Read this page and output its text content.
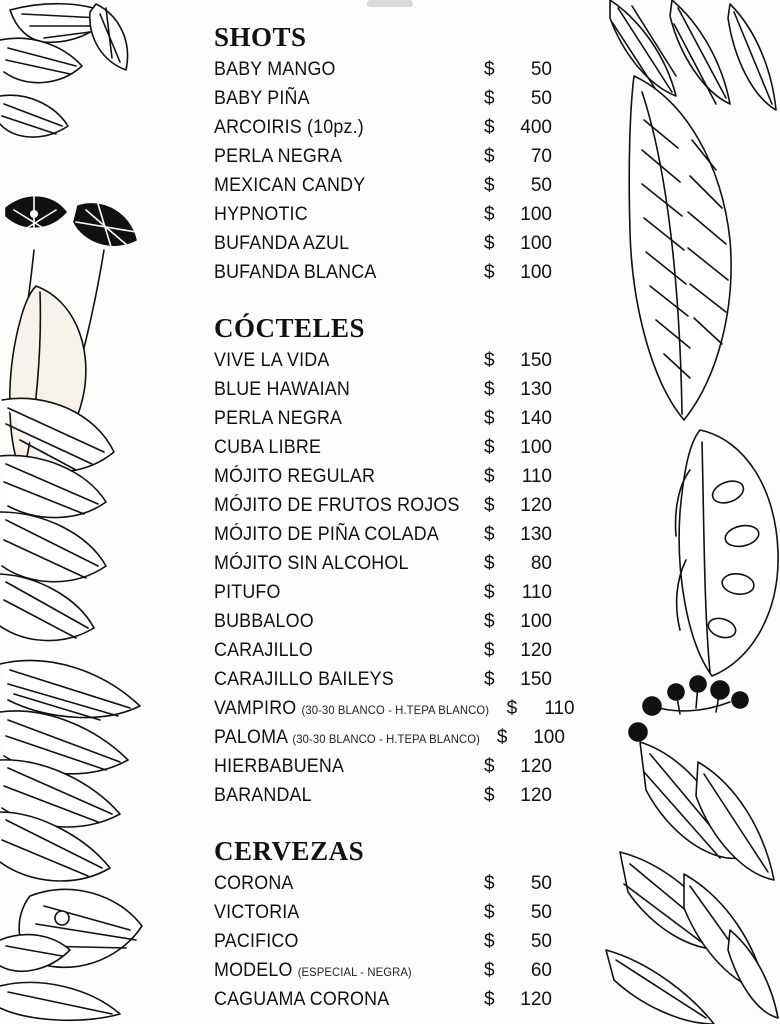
SHOTS
BABY MANGO	$	50
BABY PIÑA	$	50
ARCOIRIS (10pz.)	$	400
PERLA NEGRA	$	70
MEXICAN CANDY	$	50
HYPNOTIC	$	100
BUFANDA AZUL	$	100
BUFANDA BLANCA	$	100
CÓCTELES
VIVE LA VIDA	$	150
BLUE HAWAIAN	$	130
PERLA NEGRA	$	140
CUBA LIBRE	$	100
MÓJITO REGULAR	$	110
MÓJITO DE FRUTOS ROJOS	$	120
MÓJITO DE PIÑA COLADA	$	130
MÓJITO SIN ALCOHOL	$	80
PITUFO	$	110
BUBBALOO	$	100
CARAJILLO	$	120
CARAJILLO BAILEYS	$	150
VAMPIRO (30-30 BLANCO - H.TEPA BLANCO) $	110
PALOMA (30-30 BLANCO - H.TEPA BLANCO) $	100
HIERBABUENA	$	120
BARANDAL	$	120
CERVEZAS
CORONA	$	50
VICTORIA	$	50
PACIFICO	$	50
MODELO (ESPECIAL - NEGRA)	$	60
CAGUAMA CORONA	$	120
